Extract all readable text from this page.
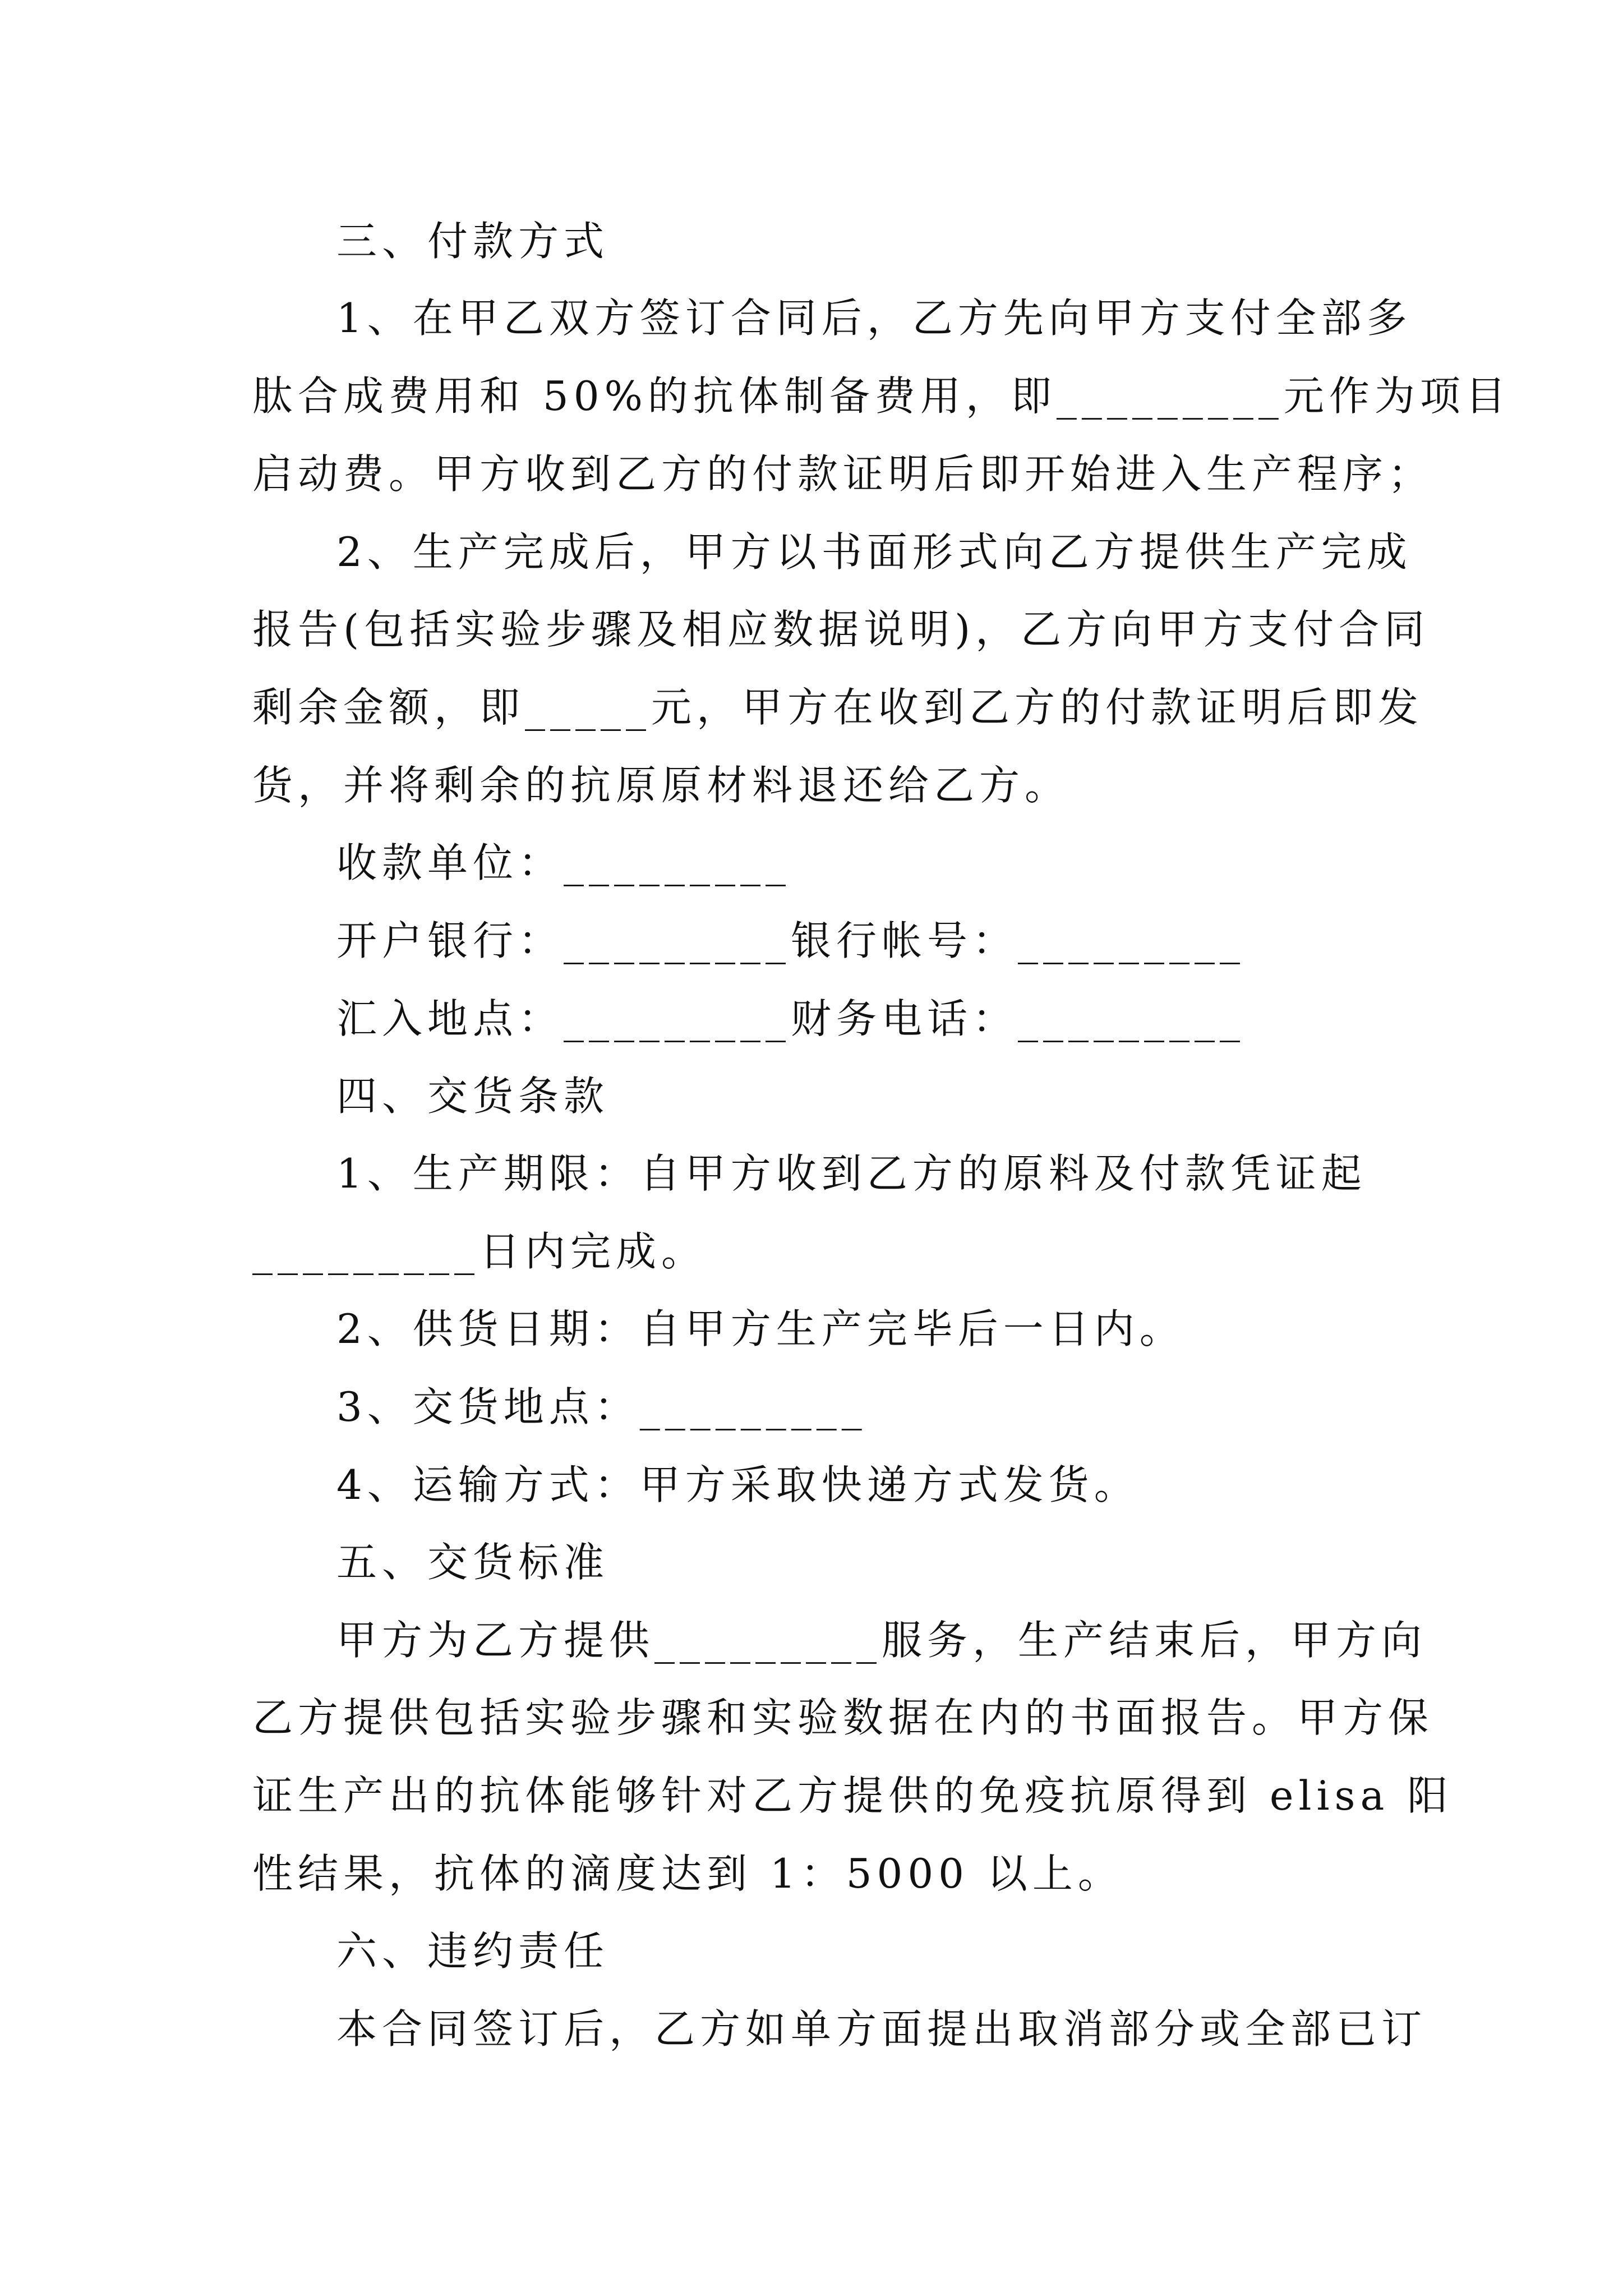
三、付款方式

1、在甲乙双方签订合同后，乙方先向甲方支付全部多

肽合成费用和 50%的抗体制备费用，即_________元作为项目

启动费。甲方收到乙方的付款证明后即开始进入生产程序；

2、生产完成后，甲方以书面形式向乙方提供生产完成

报告(包括实验步骤及相应数据说明)，乙方向甲方支付合同

剩余金额，即_____元，甲方在收到乙方的付款证明后即发

货，并将剩余的抗原原材料退还给乙方。

收款单位：_________

开户银行：_________银行帐号：_________

汇入地点：_________财务电话：_________

四、交货条款

1、生产期限：自甲方收到乙方的原料及付款凭证起

_________日内完成。

2、供货日期：自甲方生产完毕后一日内。

3、交货地点：_________

4、运输方式：甲方采取快递方式发货。

五、交货标准

甲方为乙方提供_________服务，生产结束后，甲方向

乙方提供包括实验步骤和实验数据在内的书面报告。甲方保

证生产出的抗体能够针对乙方提供的免疫抗原得到 elisa 阳

性结果，抗体的滴度达到 1：5000 以上。

六、违约责任

本合同签订后，乙方如单方面提出取消部分或全部已订
